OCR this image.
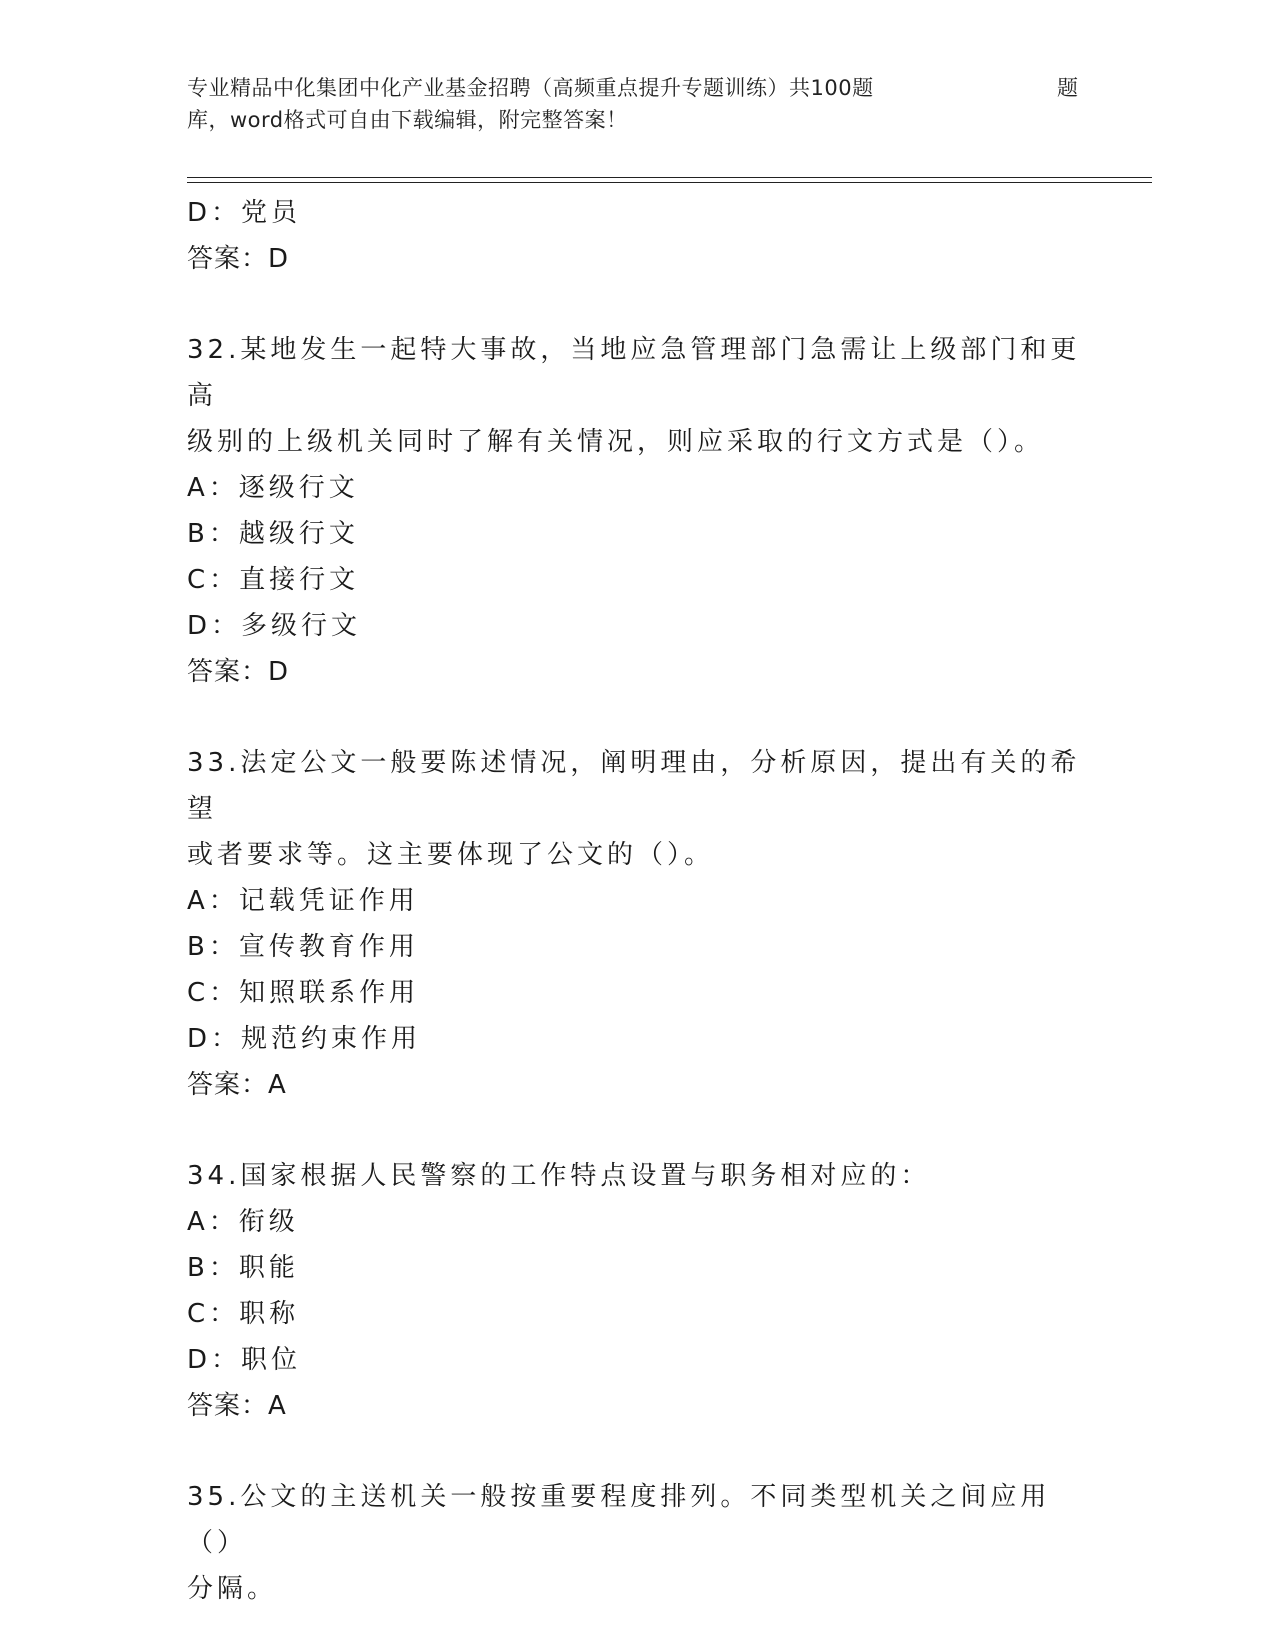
专业精品中化集团中化产业基金招聘（高频重点提升专题训练）共100题	题
库，word格式可自由下载编辑，附完整答案！

D：党员

答案：D

32.某地发生一起特大事故，当地应急管理部门急需让上级部门和更高

级别的上级机关同时了解有关情况，则应采取的行文方式是（）。

A：逐级行文

B：越级行文

C：直接行文

D：多级行文

答案：D

33.法定公文一般要陈述情况，阐明理由，分析原因，提出有关的希望

或者要求等。这主要体现了公文的（）。

A：记载凭证作用

B：宣传教育作用

C：知照联系作用

D：规范约束作用

答案：A

34.国家根据人民警察的工作特点设置与职务相对应的：

A：衔级

B：职能

C：职称

D：职位

答案：A

35.公文的主送机关一般按重要程度排列。不同类型机关之间应用（）

分隔。
